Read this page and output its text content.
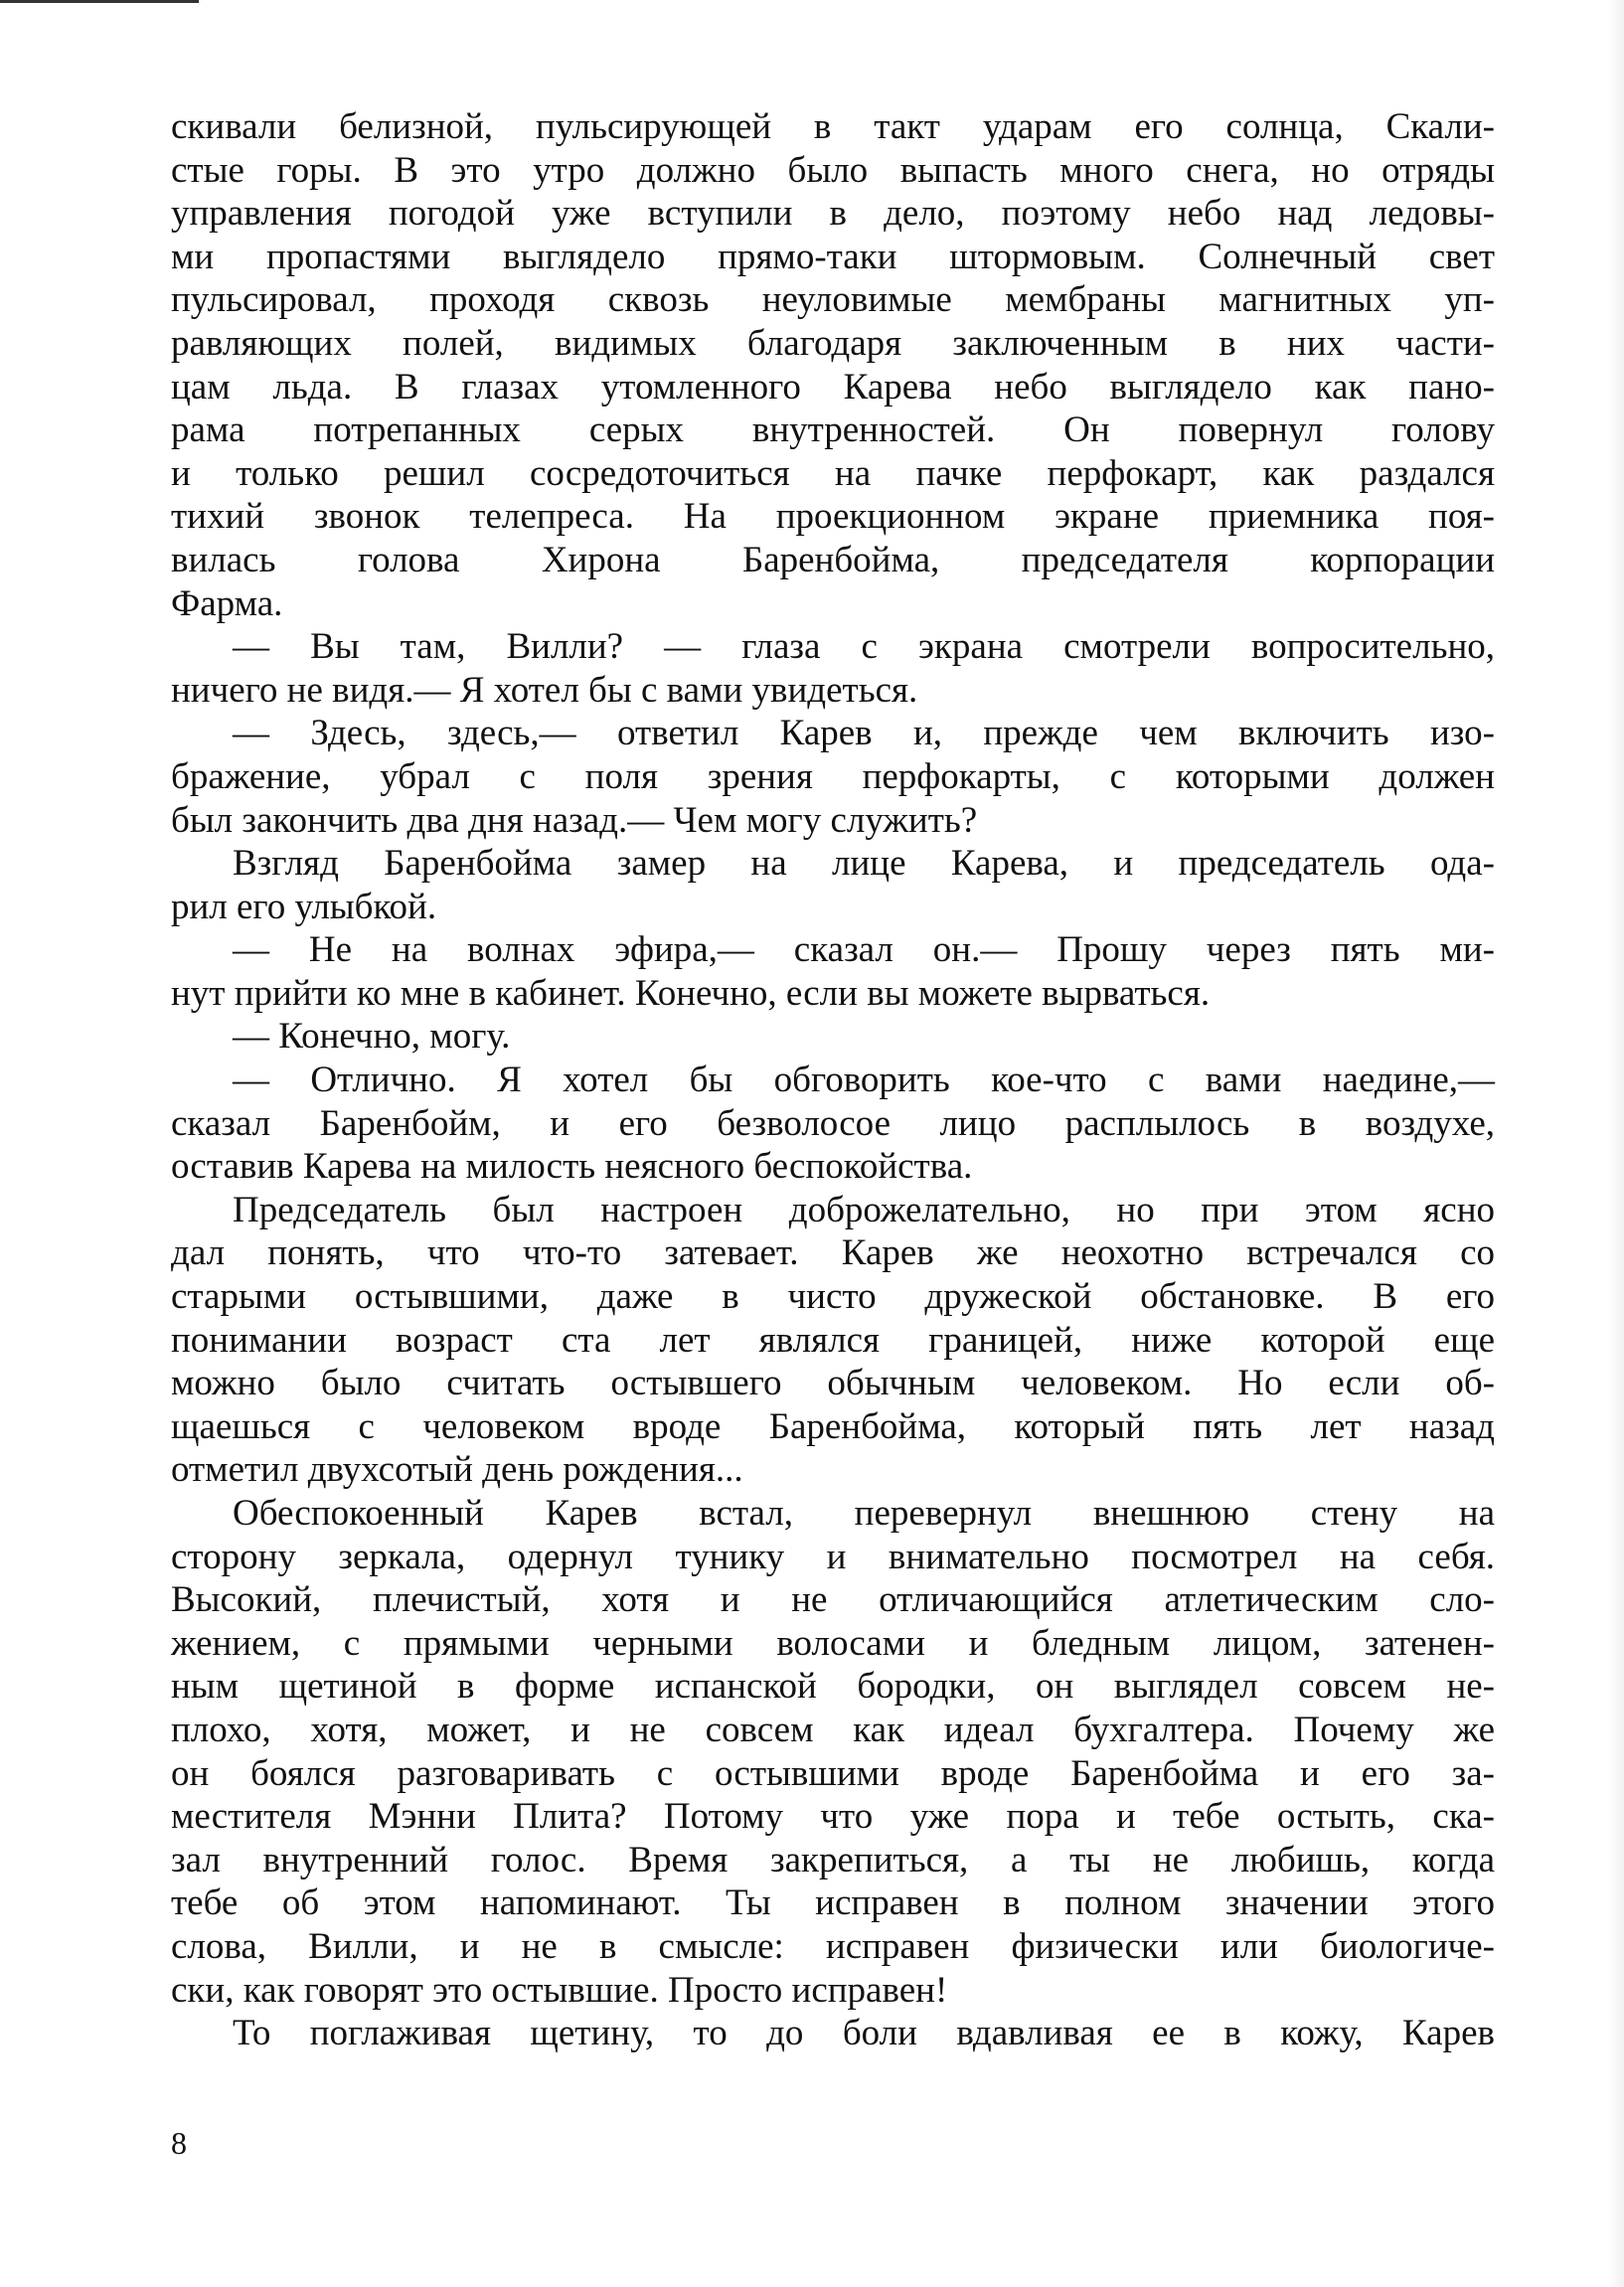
скивали белизной, пульсирующей в такт ударам его солнца, Скали-
стые горы. В это утро должно было выпасть много снега, но отряды
управления погодой уже вступили в дело, поэтому небо над ледовы-
ми пропастями выглядело прямо-таки штормовым. Солнечный свет
пульсировал, проходя сквозь неуловимые мембраны магнитных уп-
равляющих полей, видимых благодаря заключенным в них части-
цам льда. В глазах утомленного Карева небо выглядело как пано-
рама потрепанных серых внутренностей. Он повернул голову
и только решил сосредоточиться на пачке перфокарт, как раздался
тихий звонок телепреса. На проекционном экране приемника поя-
вилась голова Хирона Баренбойма, председателя корпорации
Фарма.
— Вы там, Вилли? — глаза с экрана смотрели вопросительно,
ничего не видя.— Я хотел бы с вами увидеться.
— Здесь, здесь,— ответил Карев и, прежде чем включить изо-
бражение, убрал с поля зрения перфокарты, с которыми должен
был закончить два дня назад.— Чем могу служить?
Взгляд Баренбойма замер на лице Карева, и председатель ода-
рил его улыбкой.
— Не на волнах эфира,— сказал он.— Прошу через пять ми-
нут прийти ко мне в кабинет. Конечно, если вы можете вырваться.
— Конечно, могу.
— Отлично. Я хотел бы обговорить кое-что с вами наедине,—
сказал Баренбойм, и его безволосое лицо расплылось в воздухе,
оставив Карева на милость неясного беспокойства.
Председатель был настроен доброжелательно, но при этом ясно
дал понять, что что-то затевает. Карев же неохотно встречался со
старыми остывшими, даже в чисто дружеской обстановке. В его
понимании возраст ста лет являлся границей, ниже которой еще
можно было считать остывшего обычным человеком. Но если об-
щаешься с человеком вроде Баренбойма, который пять лет назад
отметил двухсотый день рождения...
Обеспокоенный Карев встал, перевернул внешнюю стену на
сторону зеркала, одернул тунику и внимательно посмотрел на себя.
Высокий, плечистый, хотя и не отличающийся атлетическим сло-
жением, с прямыми черными волосами и бледным лицом, затенен-
ным щетиной в форме испанской бородки, он выглядел совсем не-
плохо, хотя, может, и не совсем как идеал бухгалтера. Почему же
он боялся разговаривать с остывшими вроде Баренбойма и его за-
местителя Мэнни Плита? Потому что уже пора и тебе остыть, ска-
зал внутренний голос. Время закрепиться, а ты не любишь, когда
тебе об этом напоминают. Ты исправен в полном значении этого
слова, Вилли, и не в смысле: исправен физически или биологиче-
ски, как говорят это остывшие. Просто исправен!
То поглаживая щетину, то до боли вдавливая ее в кожу, Карев
8
